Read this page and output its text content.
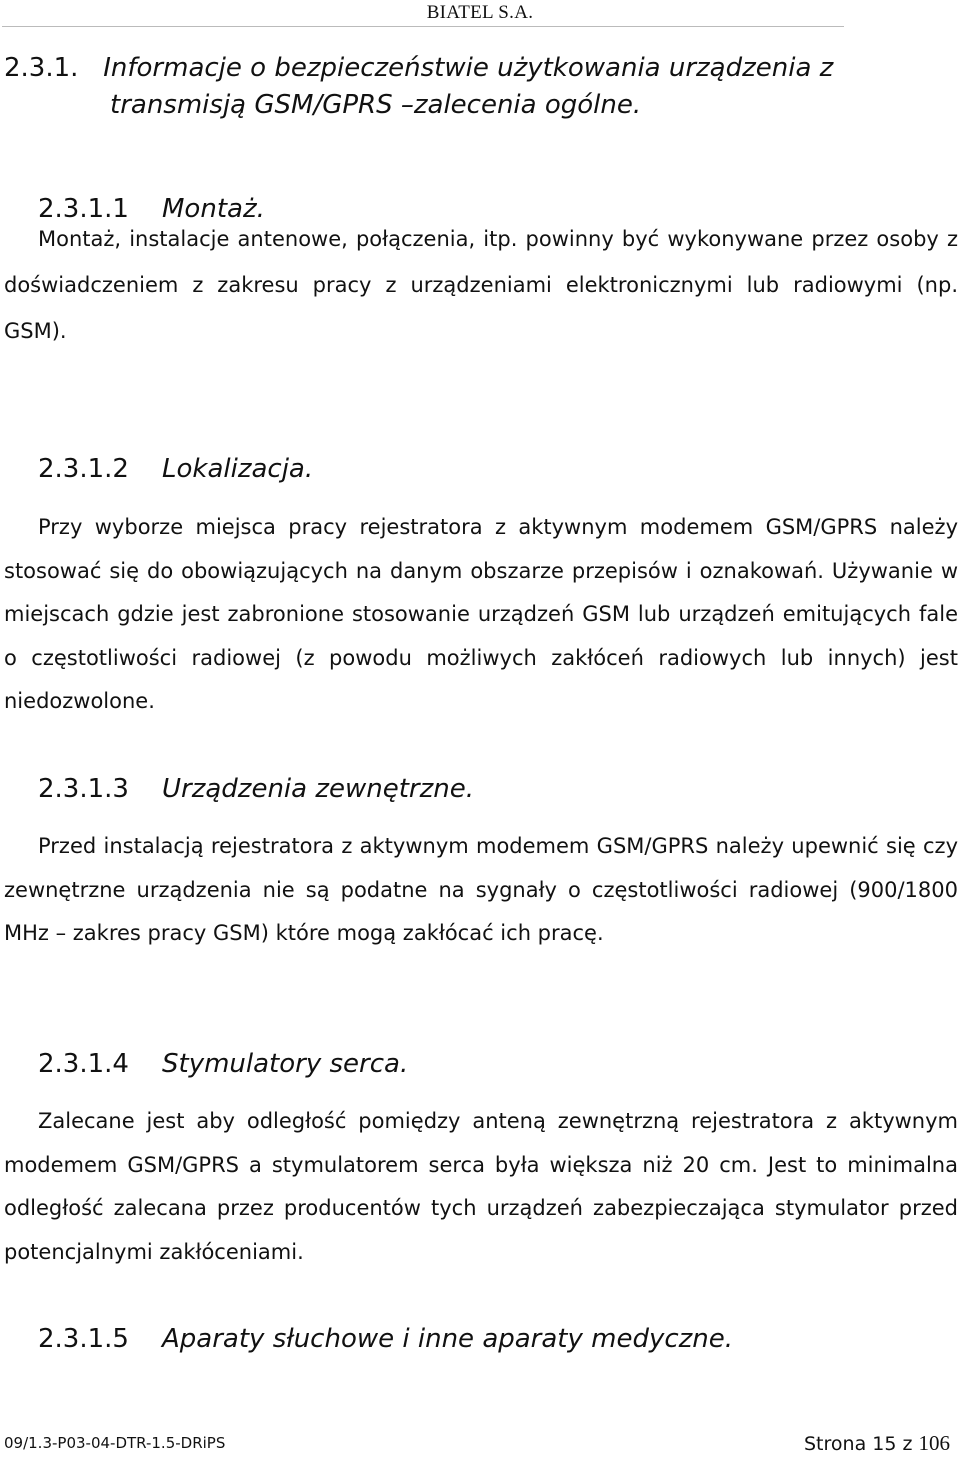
BIATEL S.A.
2.3.1. Informacje o bezpieczeństwie użytkowania urządzenia z
transmisją GSM/GPRS –zalecenia ogólne.
2.3.1.1 Montaż.
Montaż, instalacje antenowe, połączenia, itp. powinny być wykonywane przez osoby z doświadczeniem z zakresu pracy z urządzeniami elektronicznymi lub radiowymi (np. GSM).
2.3.1.2 Lokalizacja.
Przy wyborze miejsca pracy rejestratora z aktywnym modemem GSM/GPRS należy stosować się do obowiązujących na danym obszarze przepisów i oznakowań. Używanie w miejscach gdzie jest zabronione stosowanie urządzeń GSM lub urządzeń emitujących fale o częstotliwości radiowej (z powodu możliwych zakłóceń radiowych lub innych) jest niedozwolone.
2.3.1.3 Urządzenia zewnętrzne.
Przed instalacją rejestratora z aktywnym modemem GSM/GPRS należy upewnić się czy zewnętrzne urządzenia nie są podatne na sygnały o częstotliwości radiowej (900/1800 MHz – zakres pracy GSM) które mogą zakłócać ich pracę.
2.3.1.4 Stymulatory serca.
Zalecane jest aby odległość pomiędzy anteną zewnętrzną rejestratora z aktywnym modemem GSM/GPRS a stymulatorem serca była większa niż 20 cm. Jest to minimalna odległość zalecana przez producentów tych urządzeń zabezpieczająca stymulator przed potencjalnymi zakłóceniami.
2.3.1.5 Aparaty słuchowe i inne aparaty medyczne.
09/1.3-P03-04-DTR-1.5-DRiPS	Strona 15 z 106
